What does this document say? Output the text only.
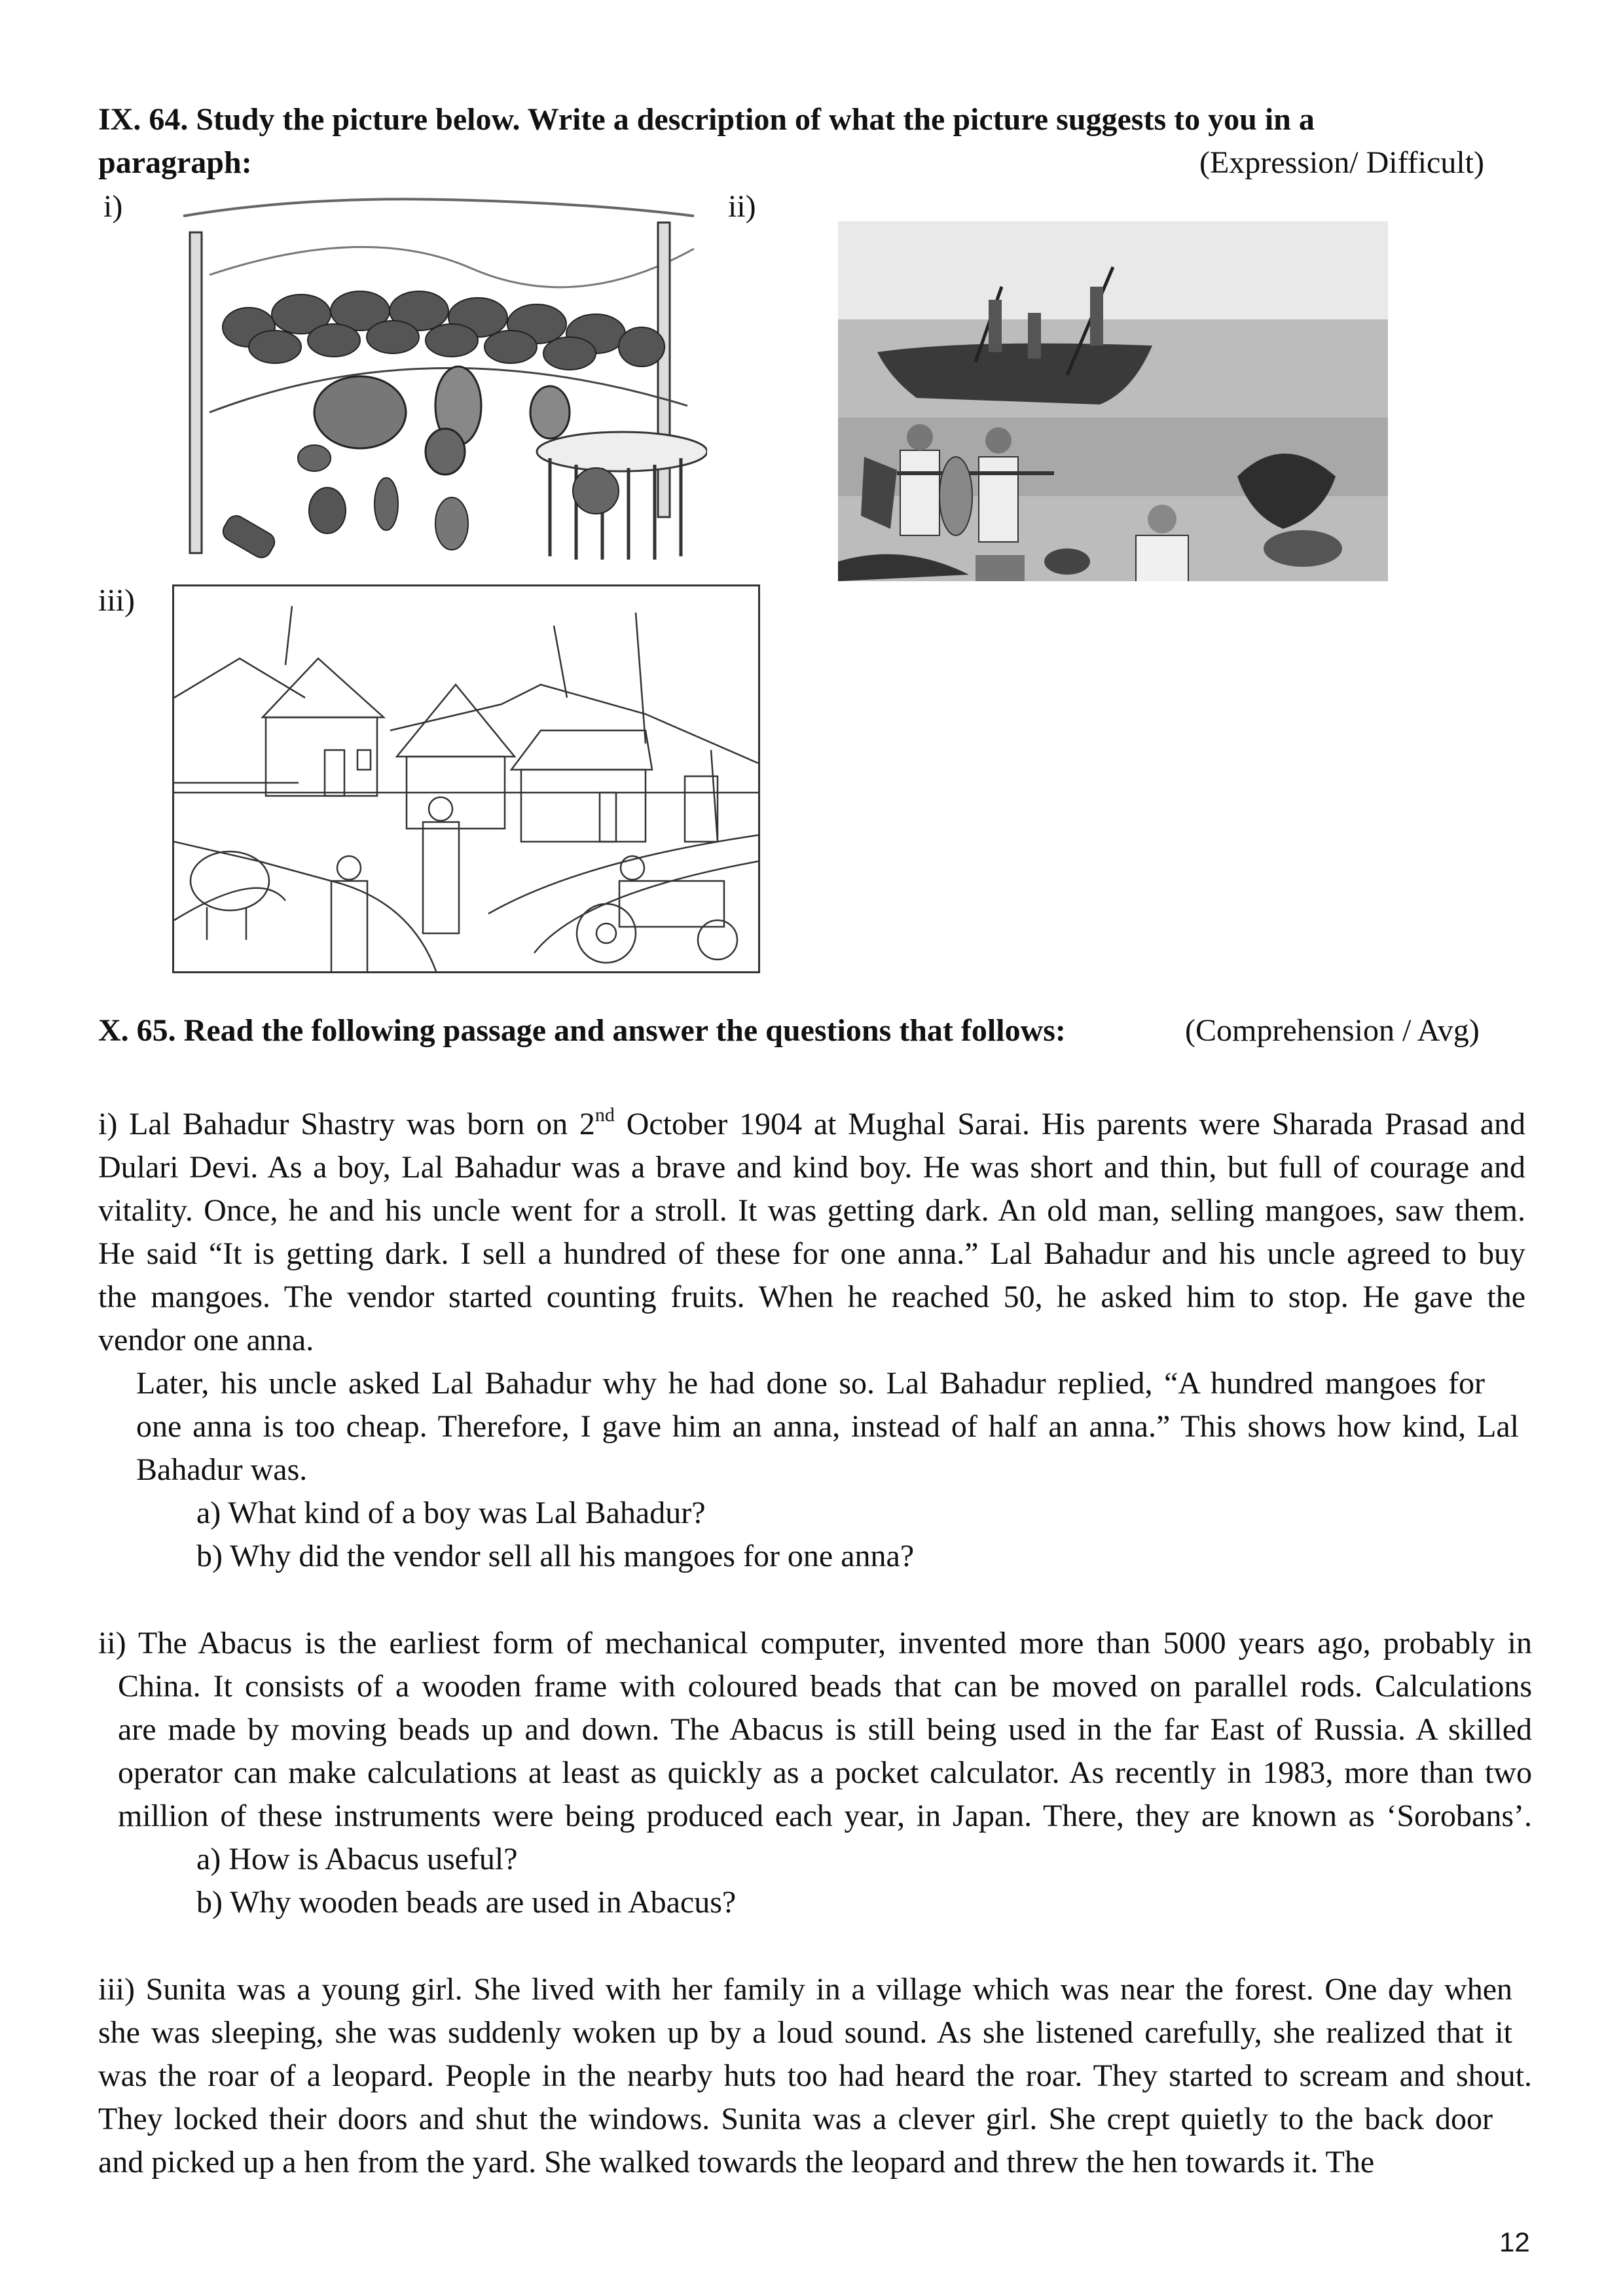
IX. 64. Study the picture below. Write a description of what the picture suggests to you in a
paragraph:	(Expression/ Difficult)
i)	ii)
iii)
X. 65. Read the following passage and answer the questions that follows:	(Comprehension / Avg)
i) Lal Bahadur Shastry was born on 2nd October 1904 at Mughal Sarai. His parents were Sharada Prasad and
Dulari Devi. As a boy, Lal Bahadur was a brave and kind boy. He was short and thin, but full of courage and
vitality. Once, he and his uncle went for a stroll. It was getting dark. An old man, selling mangoes, saw them.
He said “It is getting dark. I sell a hundred of these for one anna.” Lal Bahadur and his uncle agreed to buy
the mangoes. The vendor started counting fruits. When he reached 50, he asked him to stop. He gave the
vendor one anna.
Later, his uncle asked Lal Bahadur why he had done so. Lal Bahadur replied, “A hundred mangoes for
one anna is too cheap. Therefore, I gave him an anna, instead of half an anna.” This shows how kind, Lal
Bahadur was.
a) What kind of a boy was Lal Bahadur?
b) Why did the vendor sell all his mangoes for one anna?
ii) The Abacus is the earliest form of mechanical computer, invented more than 5000 years ago, probably in
China. It consists of a wooden frame with coloured beads that can be moved on parallel rods. Calculations
are made by moving beads up and down. The Abacus is still being used in the far East of Russia. A skilled
operator can make calculations at least as quickly as a pocket calculator. As recently in 1983, more than two
million of these instruments were being produced each year, in Japan. There, they are known as ‘Sorobans’.
a) How is Abacus useful?
b) Why wooden beads are used in Abacus?
iii) Sunita was a young girl. She lived with her family in a village which was near the forest. One day when
she was sleeping, she was suddenly woken up by a loud sound. As she listened carefully, she realized that it
was the roar of a leopard. People in the nearby huts too had heard the roar. They started to scream and shout.
They locked their doors and shut the windows. Sunita was a clever girl. She crept quietly to the back door
and picked up a hen from the yard. She walked towards the leopard and threw the hen towards it. The
12
